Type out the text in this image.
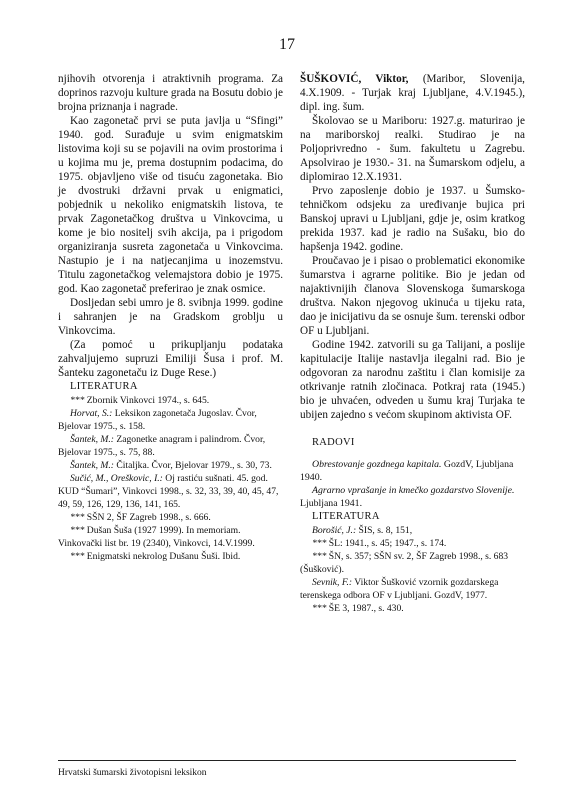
17

njihovih otvorenja i atraktivnih programa. Za doprinos razvoju kulture grada na Bosutu dobio je brojna priznanja i nagrade.

Kao zagonetač prvi se puta javlja u “Sfingi” 1940. god. Surađuje u svim enigmatskim listovima koji su se pojavili na ovim prostorima i u kojima mu je, prema dostupnim podacima, do 1975. objavljeno više od tisuću zagonetaka. Bio je dvostruki državni prvak u enigmatici, pobjednik u nekoliko enigmatskih listova, te prvak Zagonetačkog društva u Vinkovcima, u kome je bio nositelj svih akcija, pa i prigodom organiziranja susreta zagonetača u Vinkovcima. Nastupio je i na natjecanjima u inozemstvu. Titulu zagonetačkog velemajstora dobio je 1975. god. Kao zagonetač preferirao je znak osmice.

Dosljedan sebi umro je 8. svibnja 1999. godine i sahranjen je na Gradskom groblju u Vinkovcima.

(Za pomoć u prikupljanju podataka zahvaljujemo supruzi Emiliji Šusa i prof. M. Šanteku zagonetaču iz Duge Rese.)

LITERATURA

*** Zbornik Vinkovci 1974., s. 645.

Horvat, S.: Leksikon zagonetača Jugoslav. Čvor, Bjelovar 1975., s. 158.

Šantek, M.: Zagonetke anagram i palindrom. Čvor, Bjelovar 1975., s. 75, 88.

Šantek, M.: Čitaljka. Čvor, Bjelovar 1979., s. 30, 73.

Sučić, M., Oreškovic, I.: Oj rastiću sušnati. 45. god. KUD “Šumari”, Vinkovci 1998., s. 32, 33, 39, 40, 45, 47, 49, 59, 126, 129, 136, 141, 165.

*** SŠN 2, ŠF Zagreb 1998., s. 666.

*** Dušan Šuša (1927 1999). In memoriam. Vinkovački list br. 19 (2340), Vinkovci, 14.V.1999.

*** Enigmatski nekrolog Dušanu Šuši. Ibid.

ŠUŠKOVIĆ, Viktor, (Maribor, Slovenija, 4.X.1909. - Turjak kraj Ljubljane, 4.V.1945.), dipl. ing. šum.

Školovao se u Mariboru: 1927.g. maturirao je na mariborskoj realki. Studirao je na Poljoprivredno - šum. fakultetu u Zagrebu. Apsolvirao je 1930.- 31. na Šumarskom odjelu, a diplomirao 12.X.1931.

Prvo zaposlenje dobio je 1937. u Šumsko-tehničkom odsjeku za uređivanje bujica pri Banskoj upravi u Ljubljani, gdje je, osim kratkog prekida 1937. kad je radio na Sušaku, bio do hapšenja 1942. godine.

Proučavao je i pisao o problematici ekonomike šumarstva i agrarne politike. Bio je jedan od najaktivnijih članova Slovenskoga šumarskoga društva. Nakon njegovog ukinuća u tijeku rata, dao je inicijativu da se osnuje šum. terenski odbor OF u Ljubljani.

Godine 1942. zatvorili su ga Talijani, a poslije kapitulacije Italije nastavlja ilegalni rad. Bio je odgovoran za narodnu zaštitu i član komisije za otkrivanje ratnih zločinaca. Potkraj rata (1945.) bio je uhvaćen, odveden u šumu kraj Turjaka te ubijen zajedno s većom skupinom aktivista OF.

RADOVI

Obrestovanje gozdnega kapitala. GozdV, Ljubljana 1940.

Agrarno vprašanje in kmečko gozdarstvo Slovenije. Ljubljana 1941.

LITERATURA

Borošić, J.: ŠIS, s. 8, 151,

*** ŠL: 1941., s. 45; 1947., s. 174.

*** ŠN, s. 357; SŠN sv. 2, ŠF Zagreb 1998., s. 683 (Šušković).

Sevnik, F.: Viktor Šušković vzornik gozdarskega terenskega odbora OF v Ljubljani. GozdV, 1977.

*** ŠE 3, 1987., s. 430.

Hrvatski šumarski životopisni leksikon
